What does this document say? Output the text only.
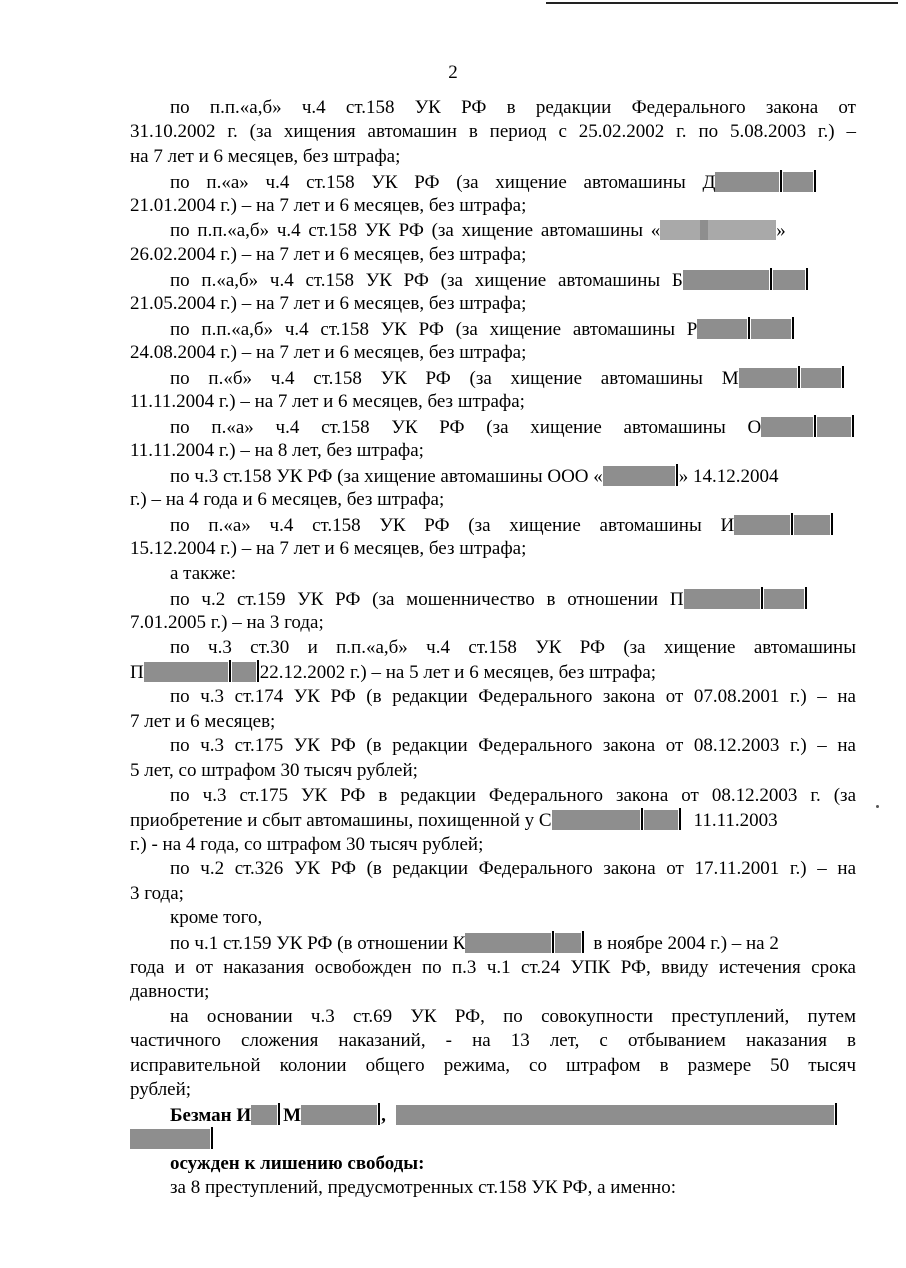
2
по п.п.«а,б» ч.4 ст.158 УК РФ в редакции Федерального закона от
31.10.2002 г. (за хищения автомашин в период с 25.02.2002 г. по 5.08.2003 г.) –
на 7 лет и 6 месяцев, без штрафа;
по п.«а» ч.4 ст.158 УК РФ (за хищение автомашины Д
21.01.2004 г.) – на 7 лет и 6 месяцев, без штрафа;
по п.п.«а,б» ч.4 ст.158 УК РФ (за хищение автомашины «	»
26.02.2004 г.) – на 7 лет и 6 месяцев, без штрафа;
по п.«а,б» ч.4 ст.158 УК РФ (за хищение автомашины Б
21.05.2004 г.) – на 7 лет и 6 месяцев, без штрафа;
по п.п.«а,б» ч.4 ст.158 УК РФ (за хищение автомашины Р
24.08.2004 г.) – на 7 лет и 6 месяцев, без штрафа;
по п.«б» ч.4 ст.158 УК РФ (за хищение автомашины М
11.11.2004 г.) – на 7 лет и 6 месяцев, без штрафа;
по п.«а» ч.4 ст.158 УК РФ (за хищение автомашины О
11.11.2004 г.) – на 8 лет, без штрафа;
по ч.3 ст.158 УК РФ (за хищение автомашины ООО «	» 14.12.2004
г.) – на 4 года и 6 месяцев, без штрафа;
по п.«а» ч.4 ст.158 УК РФ (за хищение автомашины И
15.12.2004 г.) – на 7 лет и 6 месяцев, без штрафа;
а также:
по ч.2 ст.159 УК РФ (за мошенничество в отношении П
7.01.2005 г.) – на 3 года;
по ч.3 ст.30 и п.п.«а,б» ч.4 ст.158 УК РФ (за хищение автомашины
П	22.12.2002 г.) – на 5 лет и 6 месяцев, без штрафа;
по ч.3 ст.174 УК РФ (в редакции Федерального закона от 07.08.2001 г.) – на
7 лет и 6 месяцев;
по ч.3 ст.175 УК РФ (в редакции Федерального закона от 08.12.2003 г.) – на
5 лет, со штрафом 30 тысяч рублей;
по ч.3 ст.175 УК РФ в редакции Федерального закона от 08.12.2003 г. (за
приобретение и сбыт автомашины, похищенной у С	11.11.2003
г.) - на 4 года, со штрафом 30 тысяч рублей;
по ч.2 ст.326 УК РФ (в редакции Федерального закона от 17.11.2001 г.) – на
3 года;
кроме того,
по ч.1 ст.159 УК РФ (в отношении К	в ноябре 2004 г.) – на 2
года и от наказания освобожден по п.3 ч.1 ст.24 УПК РФ, ввиду истечения срока
давности;
на основании ч.3 ст.69 УК РФ, по совокупности преступлений, путем
частичного сложения наказаний, - на 13 лет, с отбыванием наказания в
исправительной колонии общего режима, со штрафом в размере 50 тысяч
рублей;
Безман И М	,
осужден к лишению свободы:
за 8 преступлений, предусмотренных ст.158 УК РФ, а именно:
